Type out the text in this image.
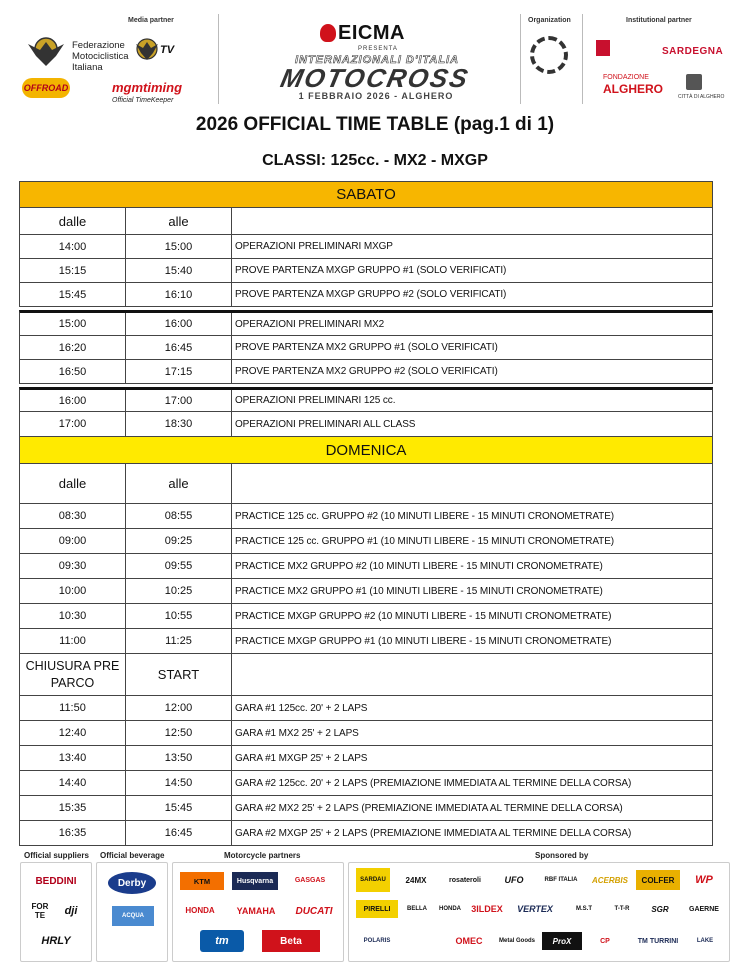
Federazione
Motociclistica
Italiana
Media partner
TV
OFFROAD	mgmtiming
Official TimeKeeper
EICMA
PRESENTA
INTERNAZIONALI D'ITALIA
MOTOCROSS
1 FEBBRAIO 2026 - ALGHERO
Organization	Institutional partner
SARDEGNA
FONDAZIONE
ALGHERO
CITTÀ DI ALGHERO
2026 OFFICIAL TIME TABLE (pag.1 di 1)
CLASSI: 125cc. - MX2 - MXGP
SABATO
dalle	alle
14:00	15:00	OPERAZIONI PRELIMINARI MXGP
15:15	15:40	PROVE PARTENZA MXGP GRUPPO #1 (SOLO VERIFICATI)
15:45	16:10	PROVE PARTENZA MXGP GRUPPO #2 (SOLO VERIFICATI)
15:00	16:00	OPERAZIONI PRELIMINARI MX2
16:20	16:45	PROVE PARTENZA MX2 GRUPPO #1 (SOLO VERIFICATI)
16:50	17:15	PROVE PARTENZA MX2 GRUPPO #2 (SOLO VERIFICATI)
16:00	17:00	OPERAZIONI PRELIMINARI 125 cc.
17:00	18:30	OPERAZIONI PRELIMINARI ALL CLASS
DOMENICA
dalle	alle
08:30	08:55	PRACTICE 125 cc. GRUPPO #2 (10 MINUTI LIBERE - 15 MINUTI CRONOMETRATE)
09:00	09:25	PRACTICE 125 cc. GRUPPO #1 (10 MINUTI LIBERE - 15 MINUTI CRONOMETRATE)
09:30	09:55	PRACTICE MX2 GRUPPO #2 (10 MINUTI LIBERE - 15 MINUTI CRONOMETRATE)
10:00	10:25	PRACTICE MX2 GRUPPO #1 (10 MINUTI LIBERE - 15 MINUTI CRONOMETRATE)
10:30	10:55	PRACTICE MXGP GRUPPO #2 (10 MINUTI LIBERE - 15 MINUTI CRONOMETRATE)
11:00	11:25	PRACTICE MXGP GRUPPO #1 (10 MINUTI LIBERE - 15 MINUTI CRONOMETRATE)
CHIUSURA PRE
PARCO
START
11:50	12:00	GARA #1 125cc. 20' + 2 LAPS
12:40	12:50	GARA #1 MX2 25' + 2 LAPS
13:40	13:50	GARA #1 MXGP 25' + 2 LAPS
14:40	14:50	GARA #2 125cc. 20' + 2 LAPS (PREMIAZIONE IMMEDIATA AL TERMINE DELLA CORSA)
15:35	15:45	GARA #2 MX2 25' + 2 LAPS (PREMIAZIONE IMMEDIATA AL TERMINE DELLA CORSA)
16:35	16:45	GARA #2 MXGP 25' + 2 LAPS (PREMIAZIONE IMMEDIATA AL TERMINE DELLA CORSA)
Official suppliers Official beverage	Motorcycle partners	Sponsored by
BEDDINI
FOR TE	dji
HRLY
Derby
ACQUA
KTM	Husqvarna	GASGAS
HONDA	YAMAHA	DUCATI
tm	Beta
SARDAU	24MX	rosateroli	UFO	RBF ITALIA	ACERBIS	COLFER	WP
PIRELLI	BELLA	HONDA	3ILDEX	VERTEX	M.S.T	T-T-R	SGR	GAERNE
POLARIS	OMEC	Metal Goods	ProX	CP	TM TURRINI	LAKE
